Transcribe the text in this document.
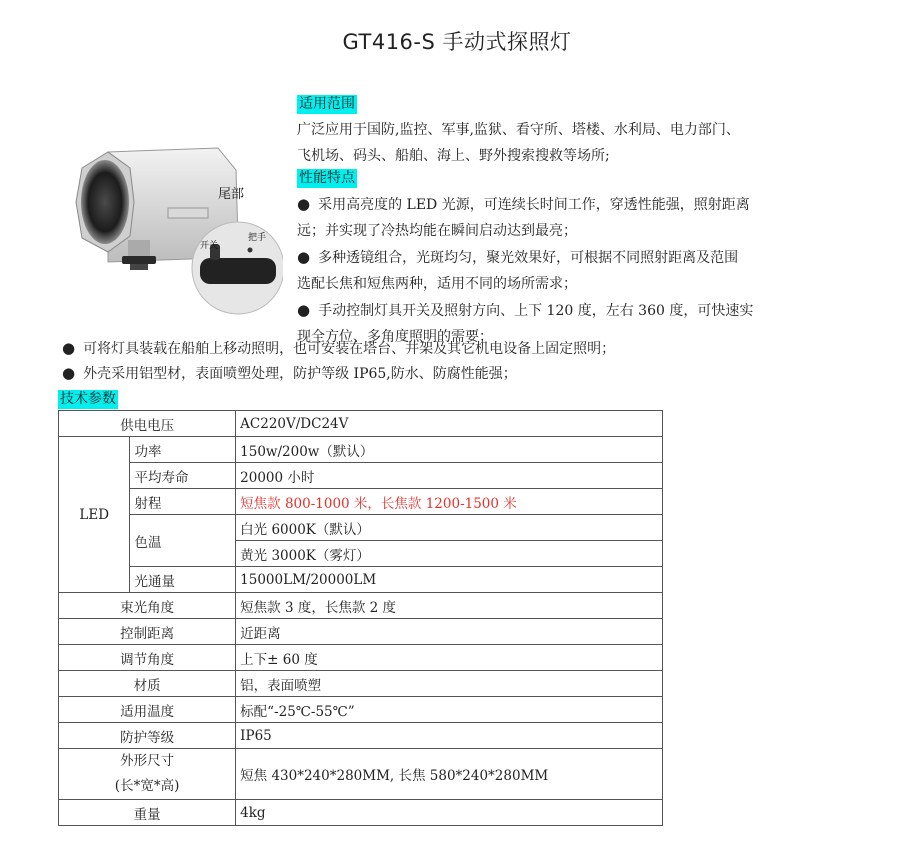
GT416-S 手动式探照灯
尾部
开关
把手
适用范围
广泛应用于国防,监控、军事,监狱、看守所、塔楼、水利局、电力部门、
飞机场、码头、船舶、海上、野外搜索搜救等场所;
性能特点
● 采用高亮度的 LED 光源，可连续长时间工作，穿透性能强，照射距离
远；并实现了冷热均能在瞬间启动达到最亮；
● 多种透镜组合，光斑均匀，聚光效果好，可根据不同照射距离及范围
选配长焦和短焦两种，适用不同的场所需求；
● 手动控制灯具开关及照射方向、上下 120 度，左右 360 度，可快速实
现全方位、多角度照明的需要；
● 可将灯具装载在船舶上移动照明，也可安装在塔台、井架及其它机电设备上固定照明；
● 外壳采用铝型材，表面喷塑处理，防护等级 IP65,防水、防腐性能强；
技术参数
供电电压		AC220V/DC24V
LED	功率	150w/200w（默认）
	平均寿命	20000 小时
	射程	短焦款 800-1000 米，长焦款 1200-1500 米
	色温	白光 6000K（默认）
		黄光 3000K（雾灯）
	光通量	15000LM/20000LM
束光角度		短焦款 3 度，长焦款 2 度
控制距离		近距离
调节角度		上下± 60 度
材质		铝，表面喷塑
适用温度		标配“-25℃-55℃”
防护等级		IP65

外形尺寸
(长*宽*高)		短焦 430*240*280MM, 长焦 580*240*280MM
重量		4kg
